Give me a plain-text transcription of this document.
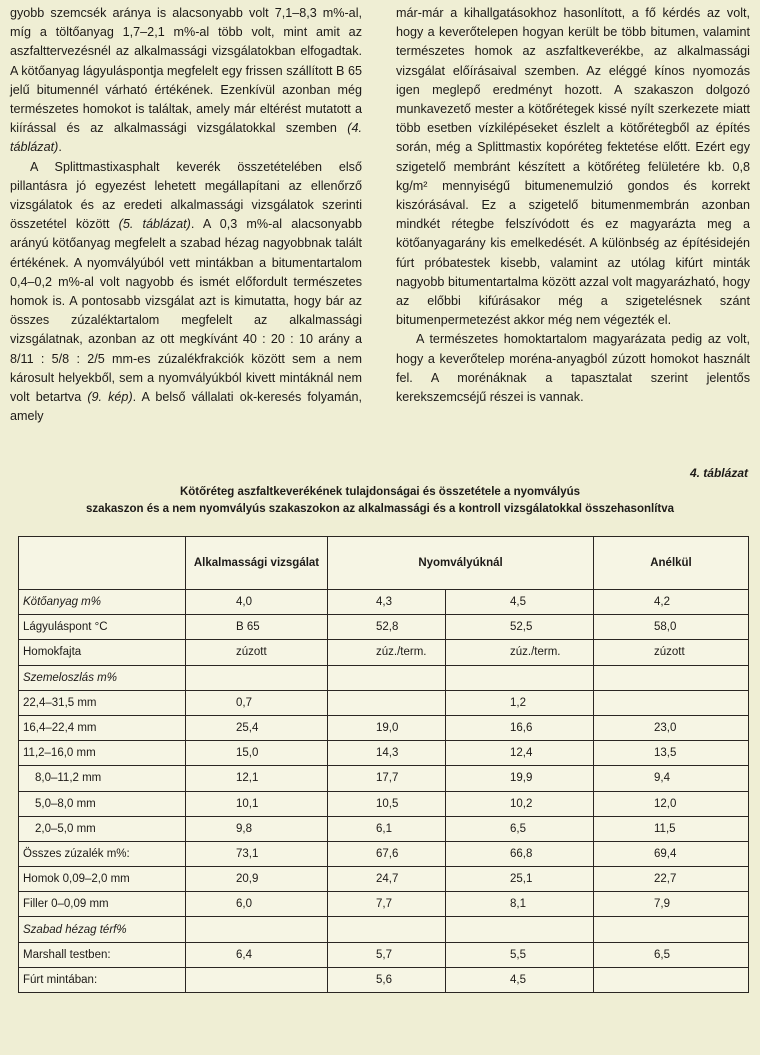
gyobb szemcsék aránya is alacsonyabb volt 7,1–8,3 m%-al, míg a töltőanyag 1,7–2,1 m%-al több volt, mint amit az aszfalttervezésnél az alkalmassági vizsgálatokban elfogadtak. A kötőanyag lágyuláspontja megfelelt egy frissen szállított B 65 jelű bitumennél várható értékének. Ezenkívül azonban még természetes homokot is találtak, amely már eltérést mutatott a kiírással és az alkalmassági vizsgálatokkal szemben (4. táblázat).

A Splittmastixasphalt keverék összetételében első pillantásra jó egyezést lehetett megállapítani az ellenőrző vizsgálatok és az eredeti alkalmassági vizsgálatok szerinti összetétel között (5. táblázat). A 0,3 m%-al alacsonyabb arányú kötőanyag megfelelt a szabad hézag nagyobbnak talált értékének. A nyomvályúból vett mintákban a bitumentartalom 0,4–0,2 m%-al volt nagyobb és ismét előfordult természetes homok is. A pontosabb vizsgálat azt is kimutatta, hogy bár az összes zúzaléktartalom megfelelt az alkalmassági vizsgálatnak, azonban az ott megkívánt 40 : 20 : 10 arány a 8/11 : 5/8 : 2/5 mm-es zúzalékfrakciók között sem a nem károsult helyekből, sem a nyomvályúkból kivett mintáknál nem volt betartva (9. kép). A belső vállalati ok-keresés folyamán, amely

már-már a kihallgatásokhoz hasonlított, a fő kérdés az volt, hogy a keverőtelepen hogyan került be több bitumen, valamint természetes homok az aszfaltkeverékbe, az alkalmassági vizsgálat előírásaival szemben. Az eléggé kínos nyomozás igen meglepő eredményt hozott. A szakaszon dolgozó munkavezető mester a kötőrétegek kissé nyílt szerkezete miatt több esetben vízkilépéseket észlelt a kötőrétegből az építés során, még a Splittmastix kopóréteg fektetése előtt. Ezért egy szigetelő membránt készített a kötőréteg felületére kb. 0,8 kg/m² mennyiségű bitumenemulzió gondos és korrekt kiszórásával. Ez a szigetelő bitumenmembrán azonban mindkét rétegbe felszívódott és ez magyarázta meg a kötőanyagarány kis emelkedését. A különbség az építésidején fúrt próbatestek kisebb, valamint az utólag kifúrt minták nagyobb bitumentartalma között azzal volt magyarázható, hogy az előbbi kifúrásakor még a szigetelésnek szánt bitumenpermetezést akkor még nem végezték el.

A természetes homoktartalom magyarázata pedig az volt, hogy a keverőtelep moréna-anyagból zúzott homokot használt fel. A morénáknak a tapasztalat szerint jelentős kerekszemcséjű részei is vannak.

4. táblázat
Kötőréteg aszfaltkeverékének tulajdonságai és összetétele a nyomvályús
szakaszon és a nem nyomvályús szakaszokon az alkalmassági és a kontroll vizsgálatokkal összehasonlítva
	Alkalmassági vizsgálat	Nyomvályúknál		Anélkül
Kötőanyag m%	4,0	4,3	4,5	4,2
Lágyuláspont °C	B 65	52,8	52,5	58,0
Homokfajta	zúzott	zúz./term.	zúz./term.	zúzott
Szemeloszlás m%				
22,4–31,5 mm	0,7		1,2	
16,4–22,4 mm	25,4	19,0	16,6	23,0
11,2–16,0 mm	15,0	14,3	12,4	13,5
8,0–11,2 mm	12,1	17,7	19,9	9,4
5,0–8,0 mm	10,1	10,5	10,2	12,0
2,0–5,0 mm	9,8	6,1	6,5	11,5
Összes zúzalék m%:	73,1	67,6	66,8	69,4
Homok 0,09–2,0 mm	20,9	24,7	25,1	22,7
Filler 0–0,09 mm	6,0	7,7	8,1	7,9
Szabad hézag térf%				
Marshall testben:	6,4	5,7	5,5	6,5
Fúrt mintában:		5,6	4,5	
